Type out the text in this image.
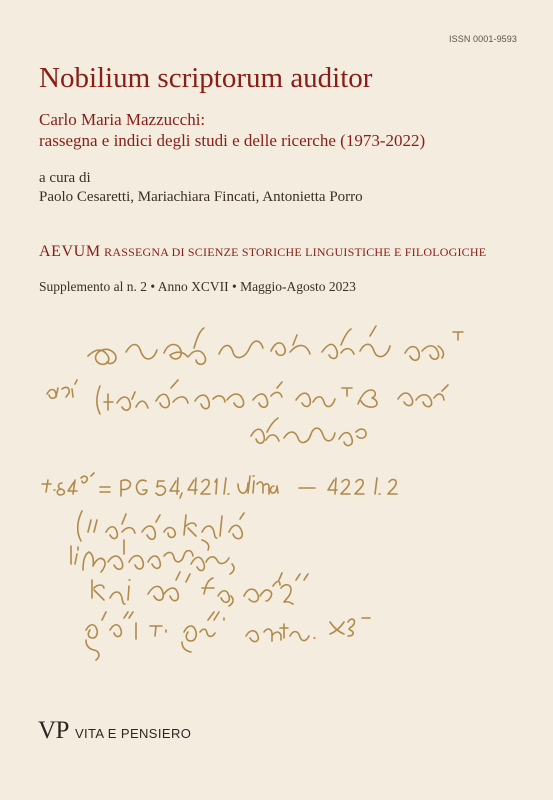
ISSN 0001-9593
Nobilium scriptorum auditor
Carlo Maria Mazzucchi:
rassegna e indici degli studi e delle ricerche (1973-2022)
a cura di
Paolo Cesaretti, Mariachiara Fincati, Antonietta Porro
AEVUM RASSEGNA DI SCIENZE STORICHE LINGUISTICHE E FILOLOGICHE
Supplemento al n. 2 • Anno XCVII • Maggio-Agosto 2023
VP VITA E PENSIERO
